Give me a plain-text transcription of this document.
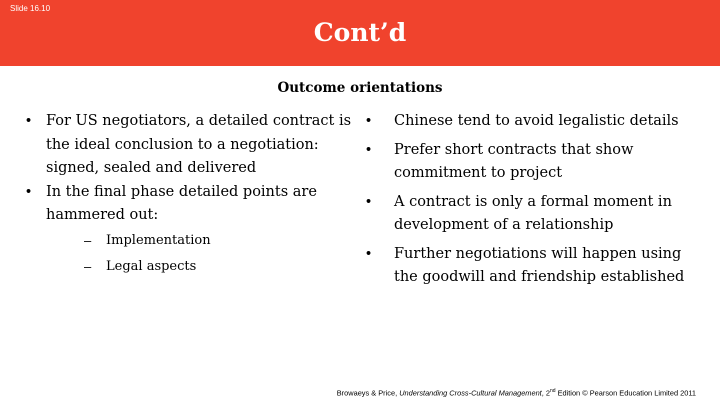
Slide 16.10
Cont’d
Outcome orientations
• For US negotiators, a detailed contract is the ideal conclusion to a negotiation: signed, sealed and delivered
• In the final phase detailed points are hammered out:
– Implementation
– Legal aspects
• Chinese tend to avoid legalistic details
• Prefer short contracts that show commitment to project
• A contract is only a formal moment in development of a relationship
• Further negotiations will happen using the goodwill and friendship established
Browaeys & Price, Understanding Cross-Cultural Management, 2nd Edition © Pearson Education Limited 2011
